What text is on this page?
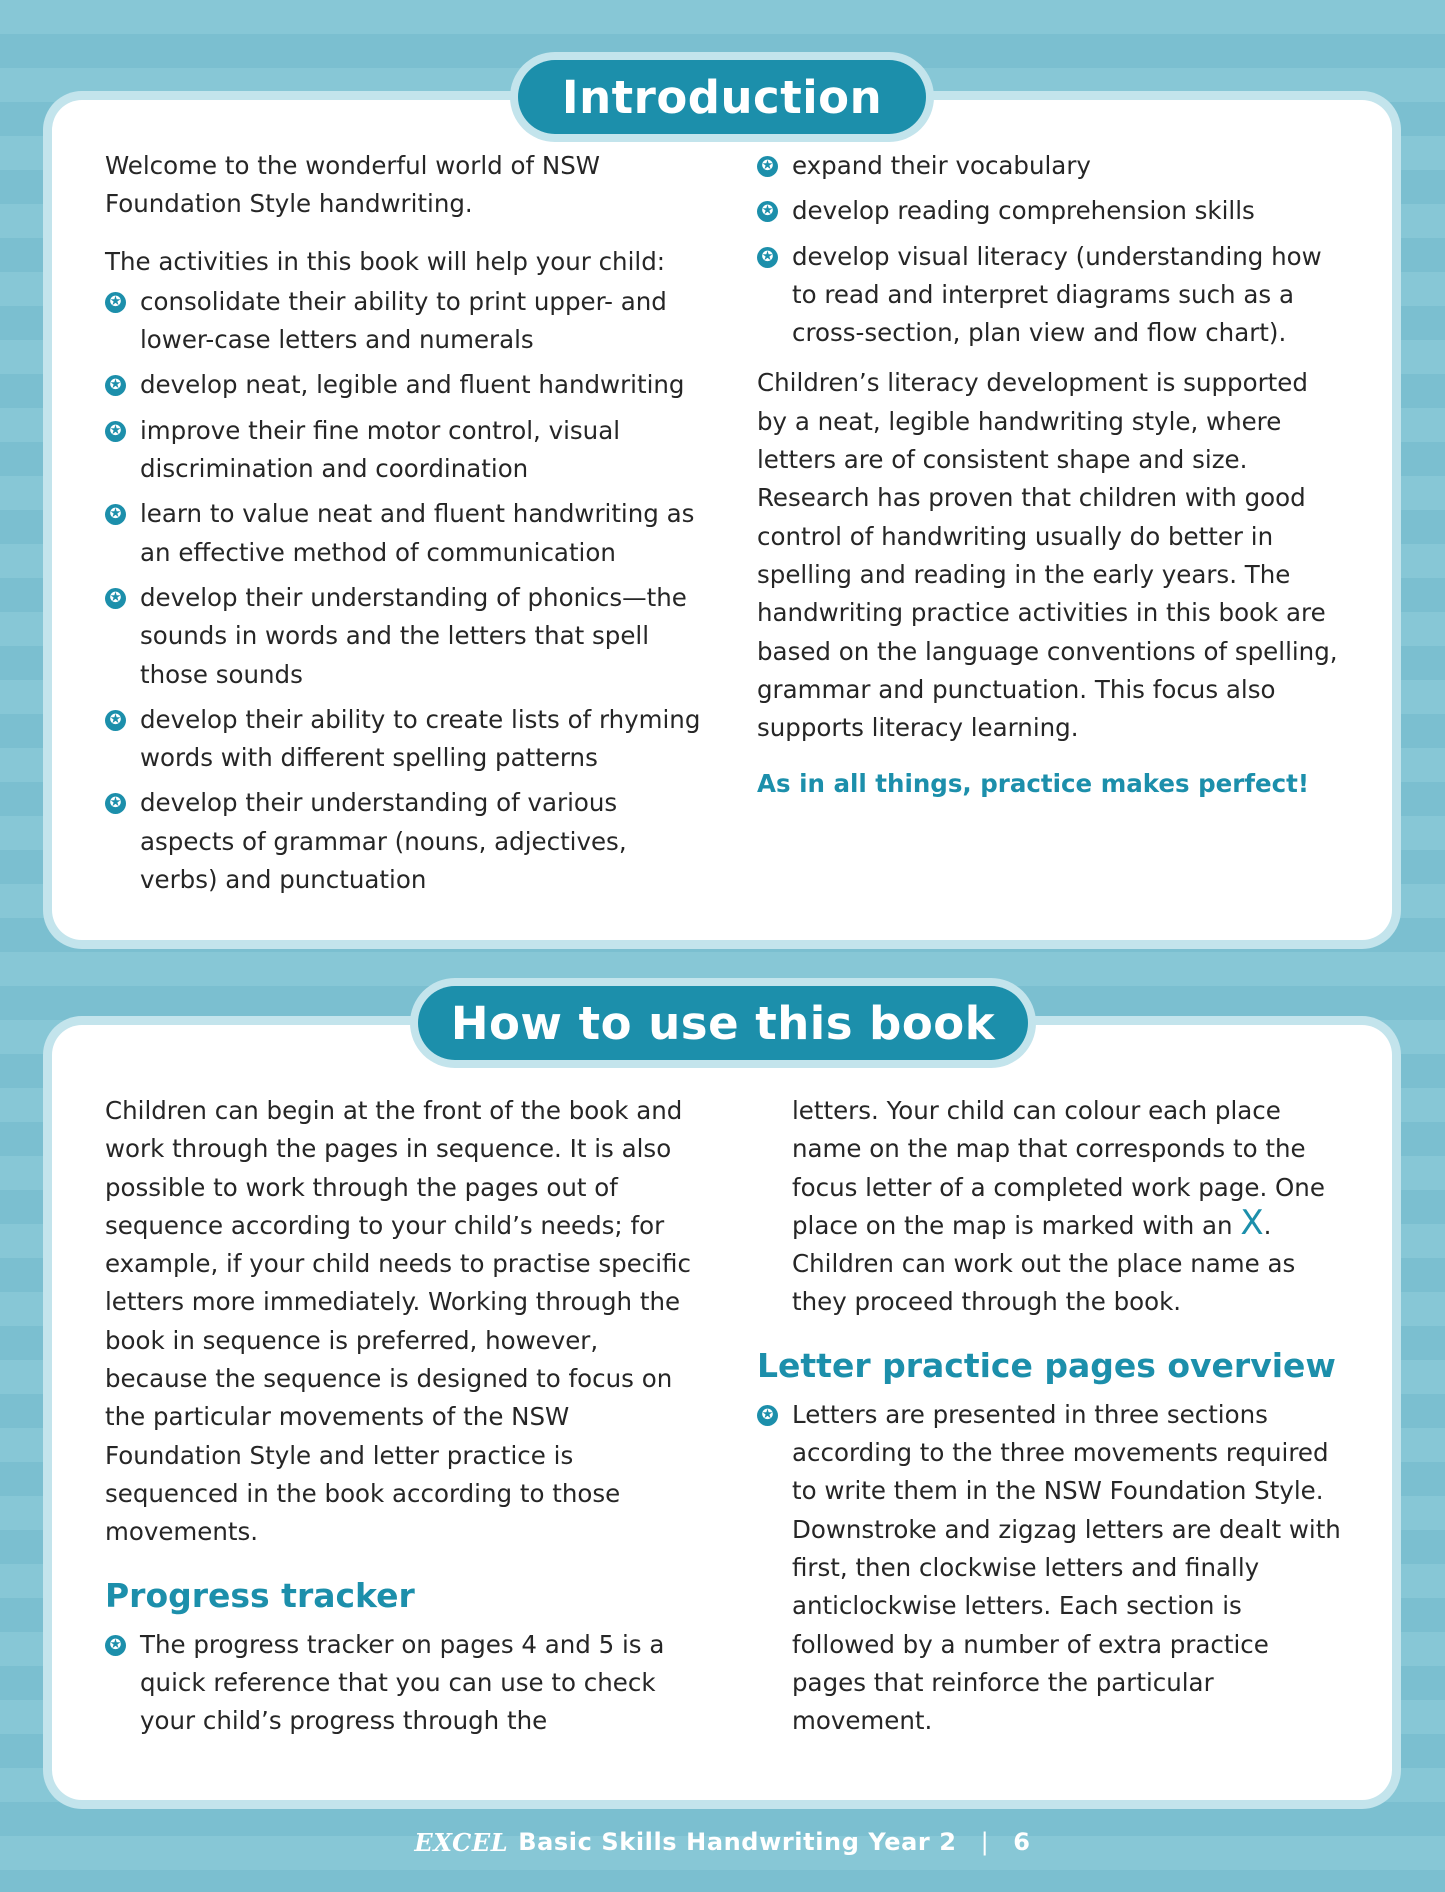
Introduction

Welcome to the wonderful world of NSW Foundation Style handwriting.

The activities in this book will help your child:

✪ consolidate their ability to print upper- and lower-case letters and numerals
✪ develop neat, legible and fluent handwriting
✪ improve their fine motor control, visual discrimination and coordination
✪ learn to value neat and fluent handwriting as an effective method of communication
✪ develop their understanding of phonics—the sounds in words and the letters that spell those sounds
✪ develop their ability to create lists of rhyming words with different spelling patterns
✪ develop their understanding of various aspects of grammar (nouns, adjectives, verbs) and punctuation
✪ expand their vocabulary
✪ develop reading comprehension skills
✪ develop visual literacy (understanding how to read and interpret diagrams such as a cross-section, plan view and flow chart).

Children’s literacy development is supported by a neat, legible handwriting style, where letters are of consistent shape and size. Research has proven that children with good control of handwriting usually do better in spelling and reading in the early years. The handwriting practice activities in this book are based on the language conventions of spelling, grammar and punctuation. This focus also supports literacy learning.

As in all things, practice makes perfect!

How to use this book

Children can begin at the front of the book and work through the pages in sequence. It is also possible to work through the pages out of sequence according to your child’s needs; for example, if your child needs to practise specific letters more immediately. Working through the book in sequence is preferred, however, because the sequence is designed to focus on the particular movements of the NSW Foundation Style and letter practice is sequenced in the book according to those movements.

Progress tracker
✪ The progress tracker on pages 4 and 5 is a quick reference that you can use to check your child’s progress through the

letters. Your child can colour each place name on the map that corresponds to the focus letter of a completed work page. One place on the map is marked with an X. Children can work out the place name as they proceed through the book.

Letter practice pages overview
✪ Letters are presented in three sections according to the three movements required to write them in the NSW Foundation Style. Downstroke and zigzag letters are dealt with first, then clockwise letters and finally anticlockwise letters. Each section is followed by a number of extra practice pages that reinforce the particular movement.
EXCEL Basic Skills Handwriting Year 2 | 6
